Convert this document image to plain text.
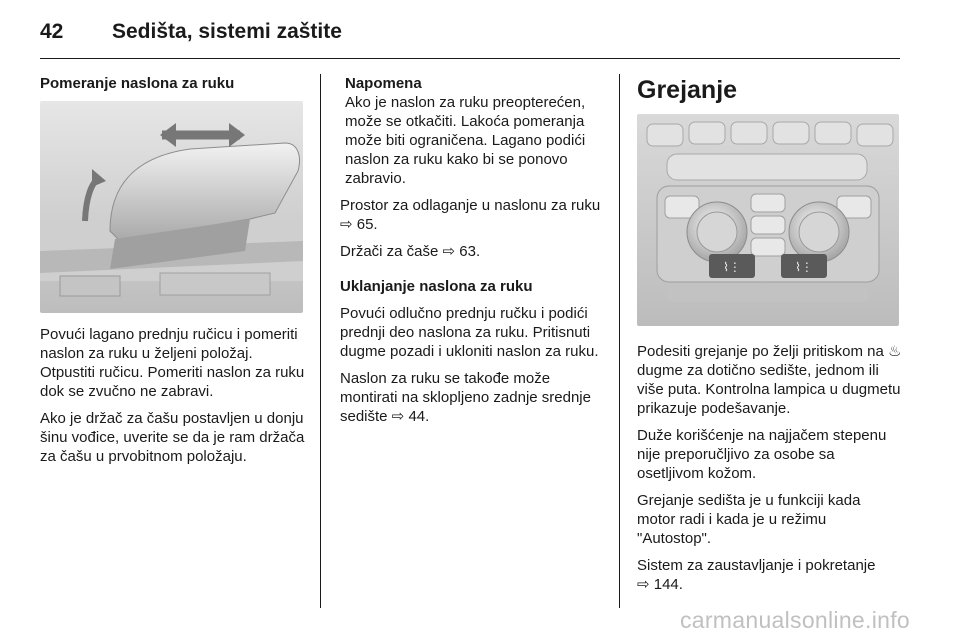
42	Sedišta, sistemi zaštite

Pomeranje naslona za ruku

Povući lagano prednju ručicu i pomeriti naslon za ruku u željeni položaj. Otpustiti ručicu. Pomeriti naslon za ruku dok se zvučno ne zabravi.

Ako je držač za čašu postavljen u donju šinu vođice, uverite se da je ram držača za čašu u prvobitnom položaju.

Napomena
Ako je naslon za ruku preopterećen, može se otkačiti. Lakoća pomeranja može biti ograničena. Lagano podići naslon za ruku kako bi se ponovo zabravio.

Prostor za odlaganje u naslonu za ruku ⇨ 65.

Držači za čaše ⇨ 63.

Uklanjanje naslona za ruku

Povući odlučno prednju ručku i podići prednji deo naslona za ruku. Pritisnuti dugme pozadi i ukloniti naslon za ruku.

Naslon za ruku se takođe može montirati na sklopljeno zadnje srednje sedište ⇨ 44.

Grejanje

⌇⋮	⌇⋮

Podesiti grejanje po želji pritiskom na ♨ dugme za dotično sedište, jednom ili više puta. Kontrolna lampica u dugmetu prikazuje podešavanje.

Duže korišćenje na najjačem stepenu nije preporučljivo za osobe sa osetljivom kožom.

Grejanje sedišta je u funkciji kada motor radi i kada je u režimu "Autostop".

Sistem za zaustavljanje i pokretanje
⇨ 144.

carmanualsonline.info
